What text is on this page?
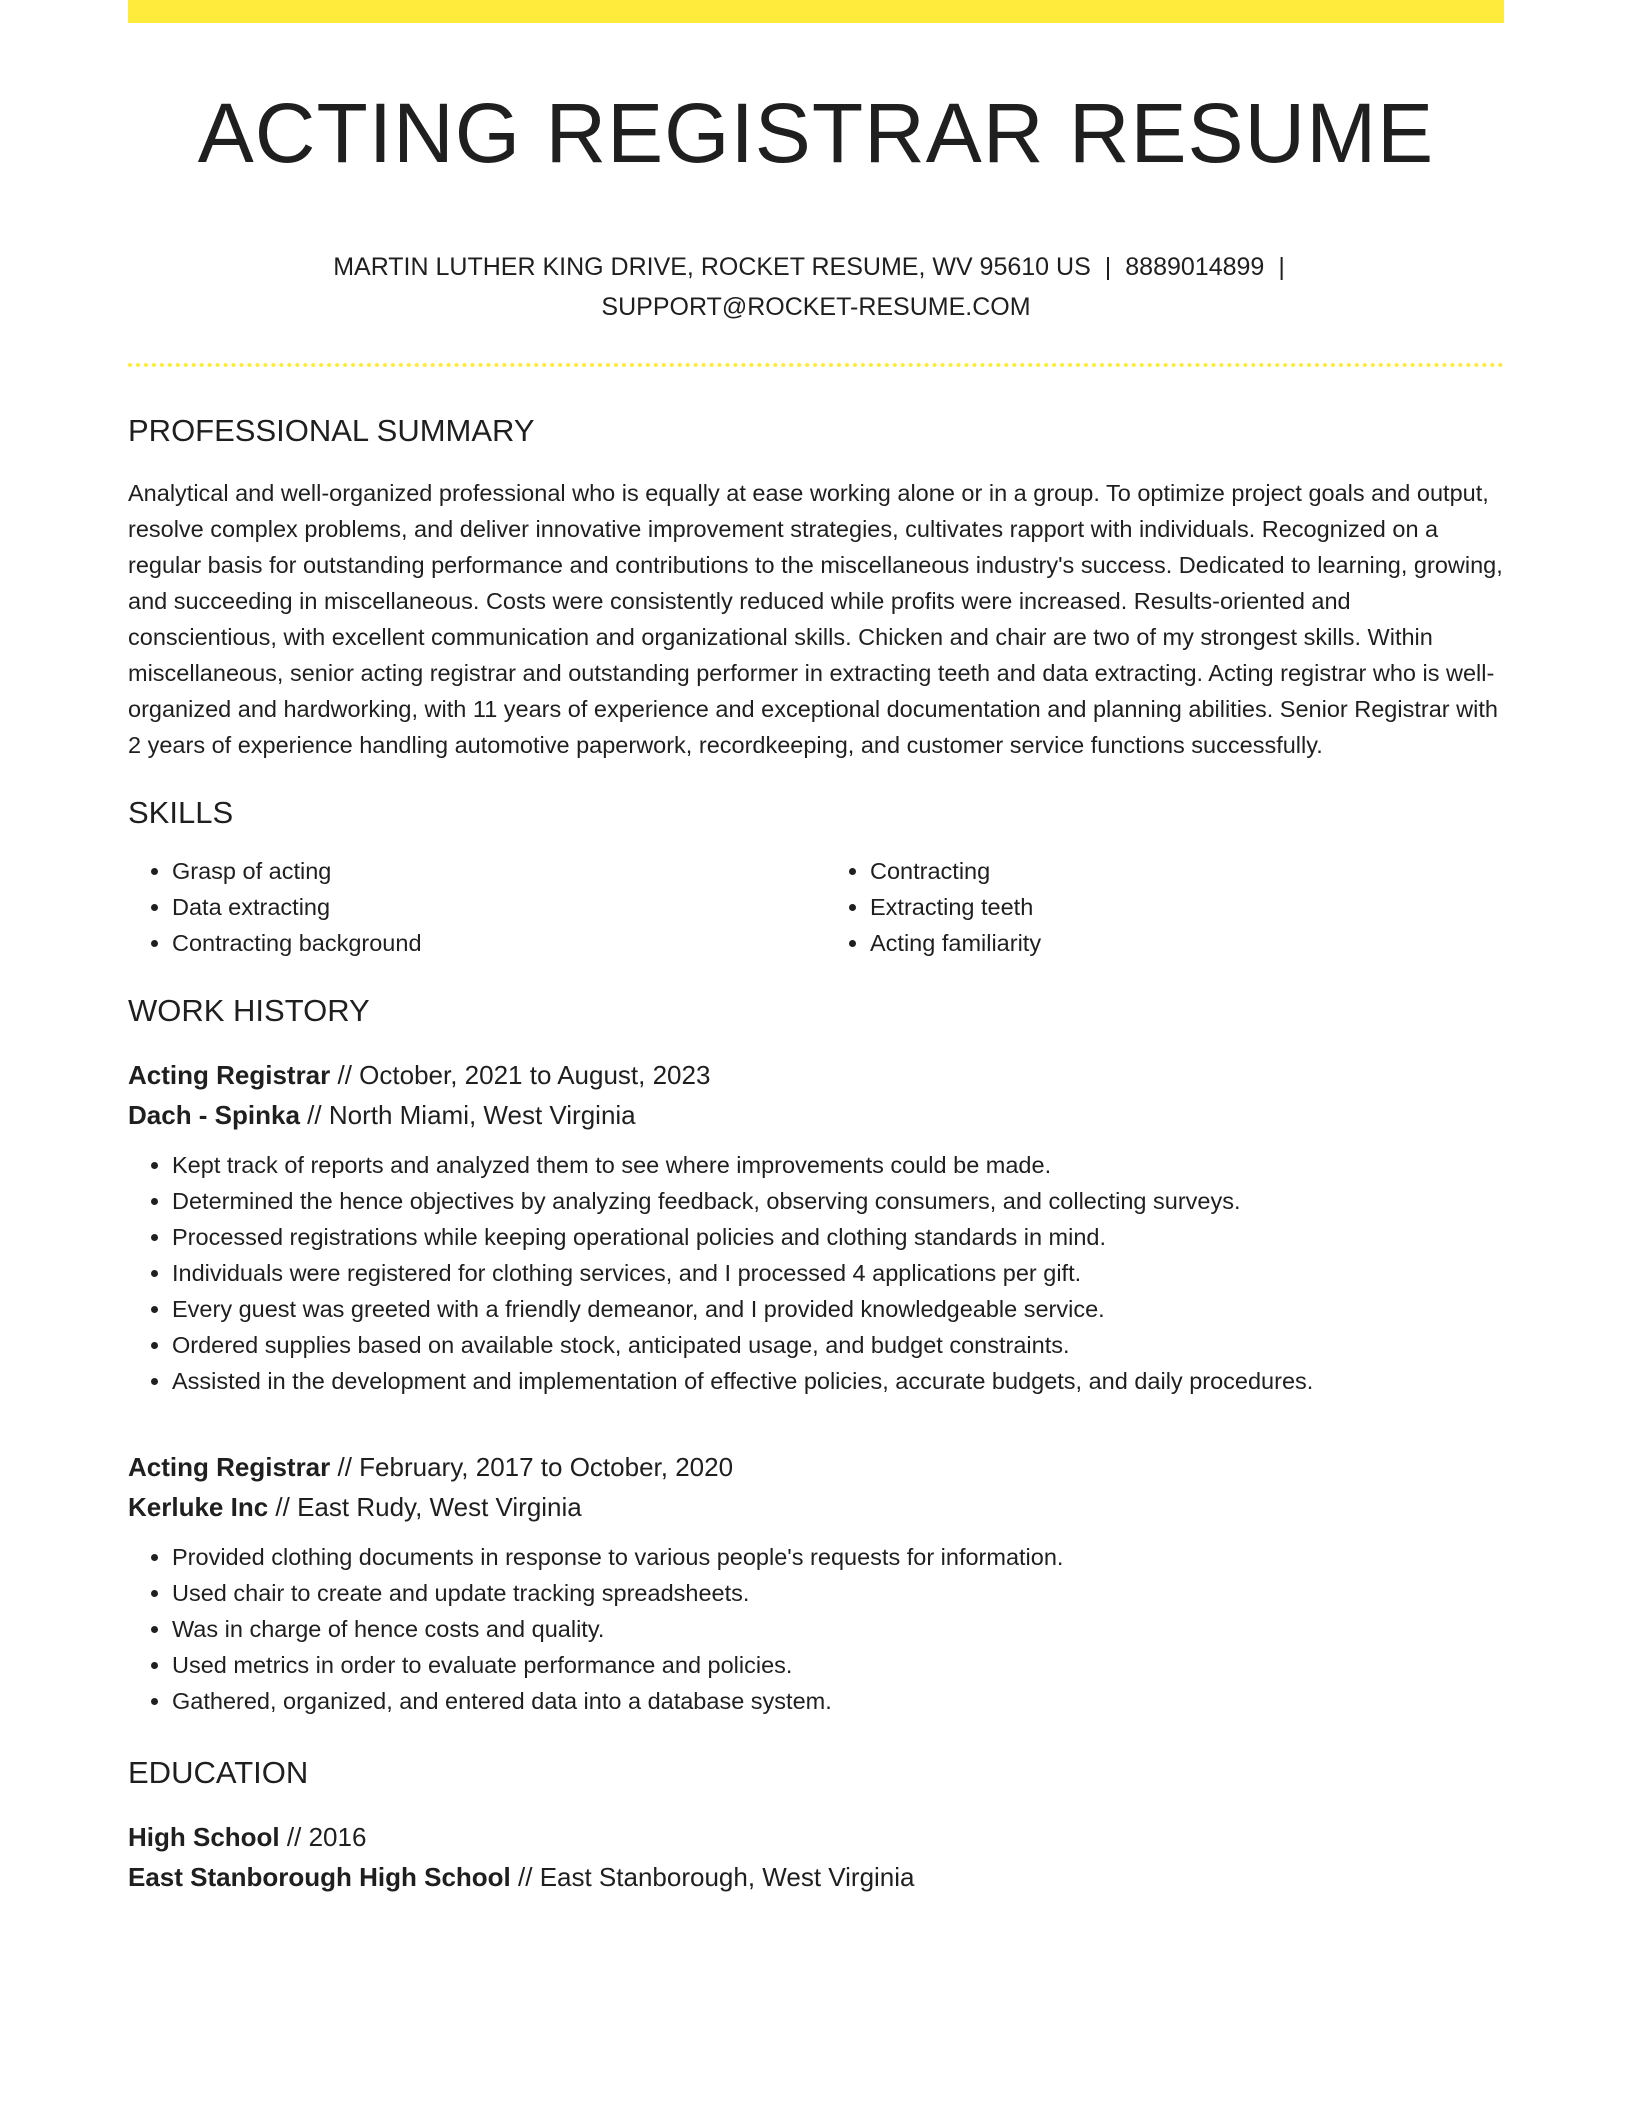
ACTING REGISTRAR RESUME
MARTIN LUTHER KING DRIVE, ROCKET RESUME, WV 95610 US | 8889014899 |
SUPPORT@ROCKET-RESUME.COM
PROFESSIONAL SUMMARY

Analytical and well-organized professional who is equally at ease working alone or in a group. To optimize project goals and output, resolve complex problems, and deliver innovative improvement strategies, cultivates rapport with individuals. Recognized on a regular basis for outstanding performance and contributions to the miscellaneous industry's success. Dedicated to learning, growing, and succeeding in miscellaneous. Costs were consistently reduced while profits were increased. Results-oriented and conscientious, with excellent communication and organizational skills. Chicken and chair are two of my strongest skills. Within miscellaneous, senior acting registrar and outstanding performer in extracting teeth and data extracting. Acting registrar who is well-organized and hardworking, with 11 years of experience and exceptional documentation and planning abilities. Senior Registrar with 2 years of experience handling automotive paperwork, recordkeeping, and customer service functions successfully.

SKILLS
• Grasp of acting
• Data extracting
• Contracting background
• Contracting
• Extracting teeth
• Acting familiarity
WORK HISTORY
Acting Registrar // October, 2021 to August, 2023
Dach - Spinka // North Miami, West Virginia
• Kept track of reports and analyzed them to see where improvements could be made.
• Determined the hence objectives by analyzing feedback, observing consumers, and collecting surveys.
• Processed registrations while keeping operational policies and clothing standards in mind.
• Individuals were registered for clothing services, and I processed 4 applications per gift.
• Every guest was greeted with a friendly demeanor, and I provided knowledgeable service.
• Ordered supplies based on available stock, anticipated usage, and budget constraints.
• Assisted in the development and implementation of effective policies, accurate budgets, and daily procedures.
Acting Registrar // February, 2017 to October, 2020
Kerluke Inc // East Rudy, West Virginia
• Provided clothing documents in response to various people's requests for information.
• Used chair to create and update tracking spreadsheets.
• Was in charge of hence costs and quality.
• Used metrics in order to evaluate performance and policies.
• Gathered, organized, and entered data into a database system.
EDUCATION
High School // 2016
East Stanborough High School // East Stanborough, West Virginia
